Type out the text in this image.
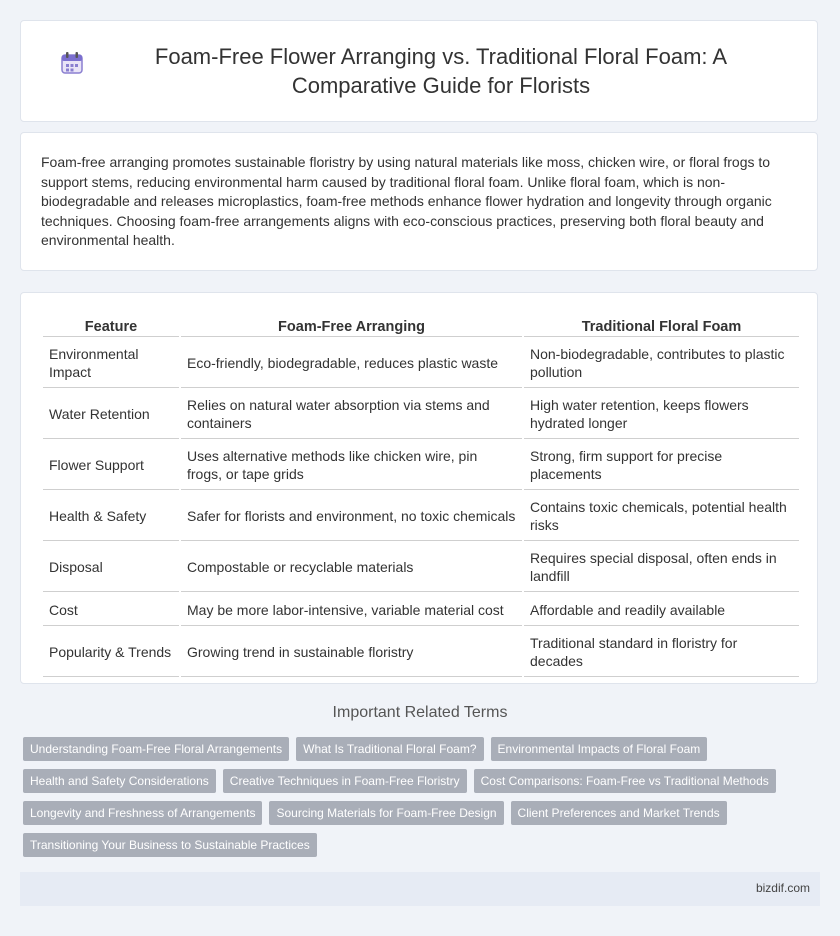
Foam-Free Flower Arranging vs. Traditional Floral Foam: A Comparative Guide for Florists

Foam-free arranging promotes sustainable floristry by using natural materials like moss, chicken wire, or floral frogs to support stems, reducing environmental harm caused by traditional floral foam. Unlike floral foam, which is non-biodegradable and releases microplastics, foam-free methods enhance flower hydration and longevity through organic techniques. Choosing foam-free arrangements aligns with eco-conscious practices, preserving both floral beauty and environmental health.

Feature	Foam-Free Arranging	Traditional Floral Foam
Environmental Impact	Eco-friendly, biodegradable, reduces plastic waste	Non-biodegradable, contributes to plastic pollution
Water Retention	Relies on natural water absorption via stems and containers	High water retention, keeps flowers hydrated longer
Flower Support	Uses alternative methods like chicken wire, pin frogs, or tape grids	Strong, firm support for precise placements
Health & Safety	Safer for florists and environment, no toxic chemicals	Contains toxic chemicals, potential health risks
Disposal	Compostable or recyclable materials	Requires special disposal, often ends in landfill
Cost	May be more labor-intensive, variable material cost	Affordable and readily available
Popularity & Trends	Growing trend in sustainable floristry	Traditional standard in floristry for decades
Important Related Terms
Understanding Foam-Free Floral Arrangements	What Is Traditional Floral Foam?	Environmental Impacts of Floral Foam
Health and Safety Considerations	Creative Techniques in Foam-Free Floristry	Cost Comparisons: Foam-Free vs Traditional Methods
Longevity and Freshness of Arrangements	Sourcing Materials for Foam-Free Design	Client Preferences and Market Trends
Transitioning Your Business to Sustainable Practices
bizdif.com
